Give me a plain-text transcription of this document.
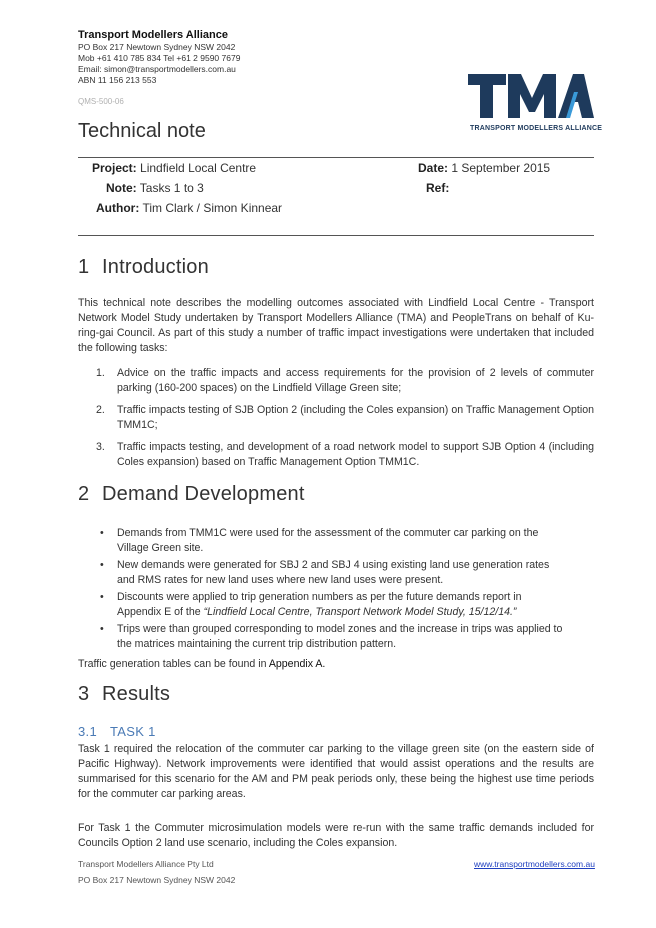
Transport Modellers Alliance
PO Box 217 Newtown Sydney NSW 2042
Mob +61 410 785 834 Tel +61 2 9590 7679
Email: simon@transportmodellers.com.au
ABN 11 156 213 553
QMS-500-06
Technical note	TRANSPORT MODELLERS ALLIANCE
Project: Lindfield Local Centre
Note: Tasks 1 to 3
Author: Tim Clark / Simon Kinnear
Date: 1 September 2015
Ref:
1 Introduction
This technical note describes the modelling outcomes associated with Lindfield Local Centre - Transport Network Model Study undertaken by Transport Modellers Alliance (TMA) and PeopleTrans on behalf of Ku-ring-gai Council. As part of this study a number of traffic impact investigations were undertaken that included the following tasks:
1. Advice on the traffic impacts and access requirements for the provision of 2 levels of commuter parking (160-200 spaces) on the Lindfield Village Green site;
2. Traffic impacts testing of SJB Option 2 (including the Coles expansion) on Traffic Management Option TMM1C;
3. Traffic impacts testing, and development of a road network model to support SJB Option 4 (including Coles expansion) based on Traffic Management Option TMM1C.
2 Demand Development
• Demands from TMM1C were used for the assessment of the commuter car parking on the Village Green site.
• New demands were generated for SBJ 2 and SBJ 4 using existing land use generation rates and RMS rates for new land uses where new land uses were present.
• Discounts were applied to trip generation numbers as per the future demands report in Appendix E of the “Lindfield Local Centre, Transport Network Model Study, 15/12/14.”
• Trips were than grouped corresponding to model zones and the increase in trips was applied to the matrices maintaining the current trip distribution pattern.
Traffic generation tables can be found in Appendix A.
3 Results
3.1 TASK 1
Task 1 required the relocation of the commuter car parking to the village green site (on the eastern side of Pacific Highway). Network improvements were identified that would assist operations and the results are summarised for this scenario for the AM and PM peak periods only, these being the highest use time periods for the commuter car parking areas.
For Task 1 the Commuter microsimulation models were re-run with the same traffic demands included for Councils Option 2 land use scenario, including the Coles expansion.
Transport Modellers Alliance Pty Ltd
PO Box 217 Newtown Sydney NSW 2042
www.transportmodellers.com.au
